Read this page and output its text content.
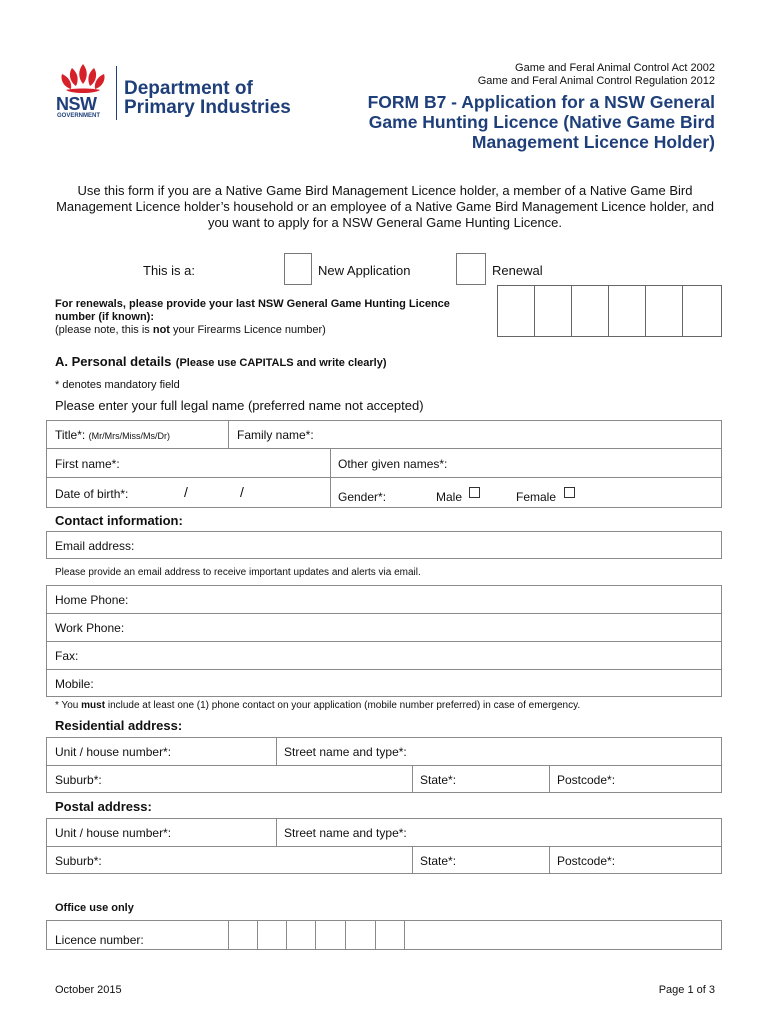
NSW
GOVERNMENT
Department of
Primary Industries
Game and Feral Animal Control Act 2002
Game and Feral Animal Control Regulation 2012
FORM B7 - Application for a NSW General
Game Hunting Licence (Native Game Bird
Management Licence Holder)
Use this form if you are a Native Game Bird Management Licence holder, a member of a Native Game Bird
Management Licence holder’s household or an employee of a Native Game Bird Management Licence holder, and
you want to apply for a NSW General Game Hunting Licence.
This is a:	New Application	Renewal
For renewals, please provide your last NSW General Game Hunting Licence
number (if known):
(please note, this is not your Firearms Licence number)
A. Personal details (Please use CAPITALS and write clearly)
* denotes mandatory field
Please enter your full legal name (preferred name not accepted)
Title*: (Mr/Mrs/Miss/Ms/Dr)	Family name*:
First name*:	Other given names*:
Date of birth*:	/	/	Gender*:	Male	Female
Contact information:
Email address:
Please provide an email address to receive important updates and alerts via email.
Home Phone:
Work Phone:
Fax:
Mobile:
* You must include at least one (1) phone contact on your application (mobile number preferred) in case of emergency.
Residential address:
Unit / house number*:	Street name and type*:
Suburb*:	State*:	Postcode*:
Postal address:
Unit / house number*:	Street name and type*:
Suburb*:	State*:	Postcode*:
Office use only
Licence number:
October 2015	Page 1 of 3
